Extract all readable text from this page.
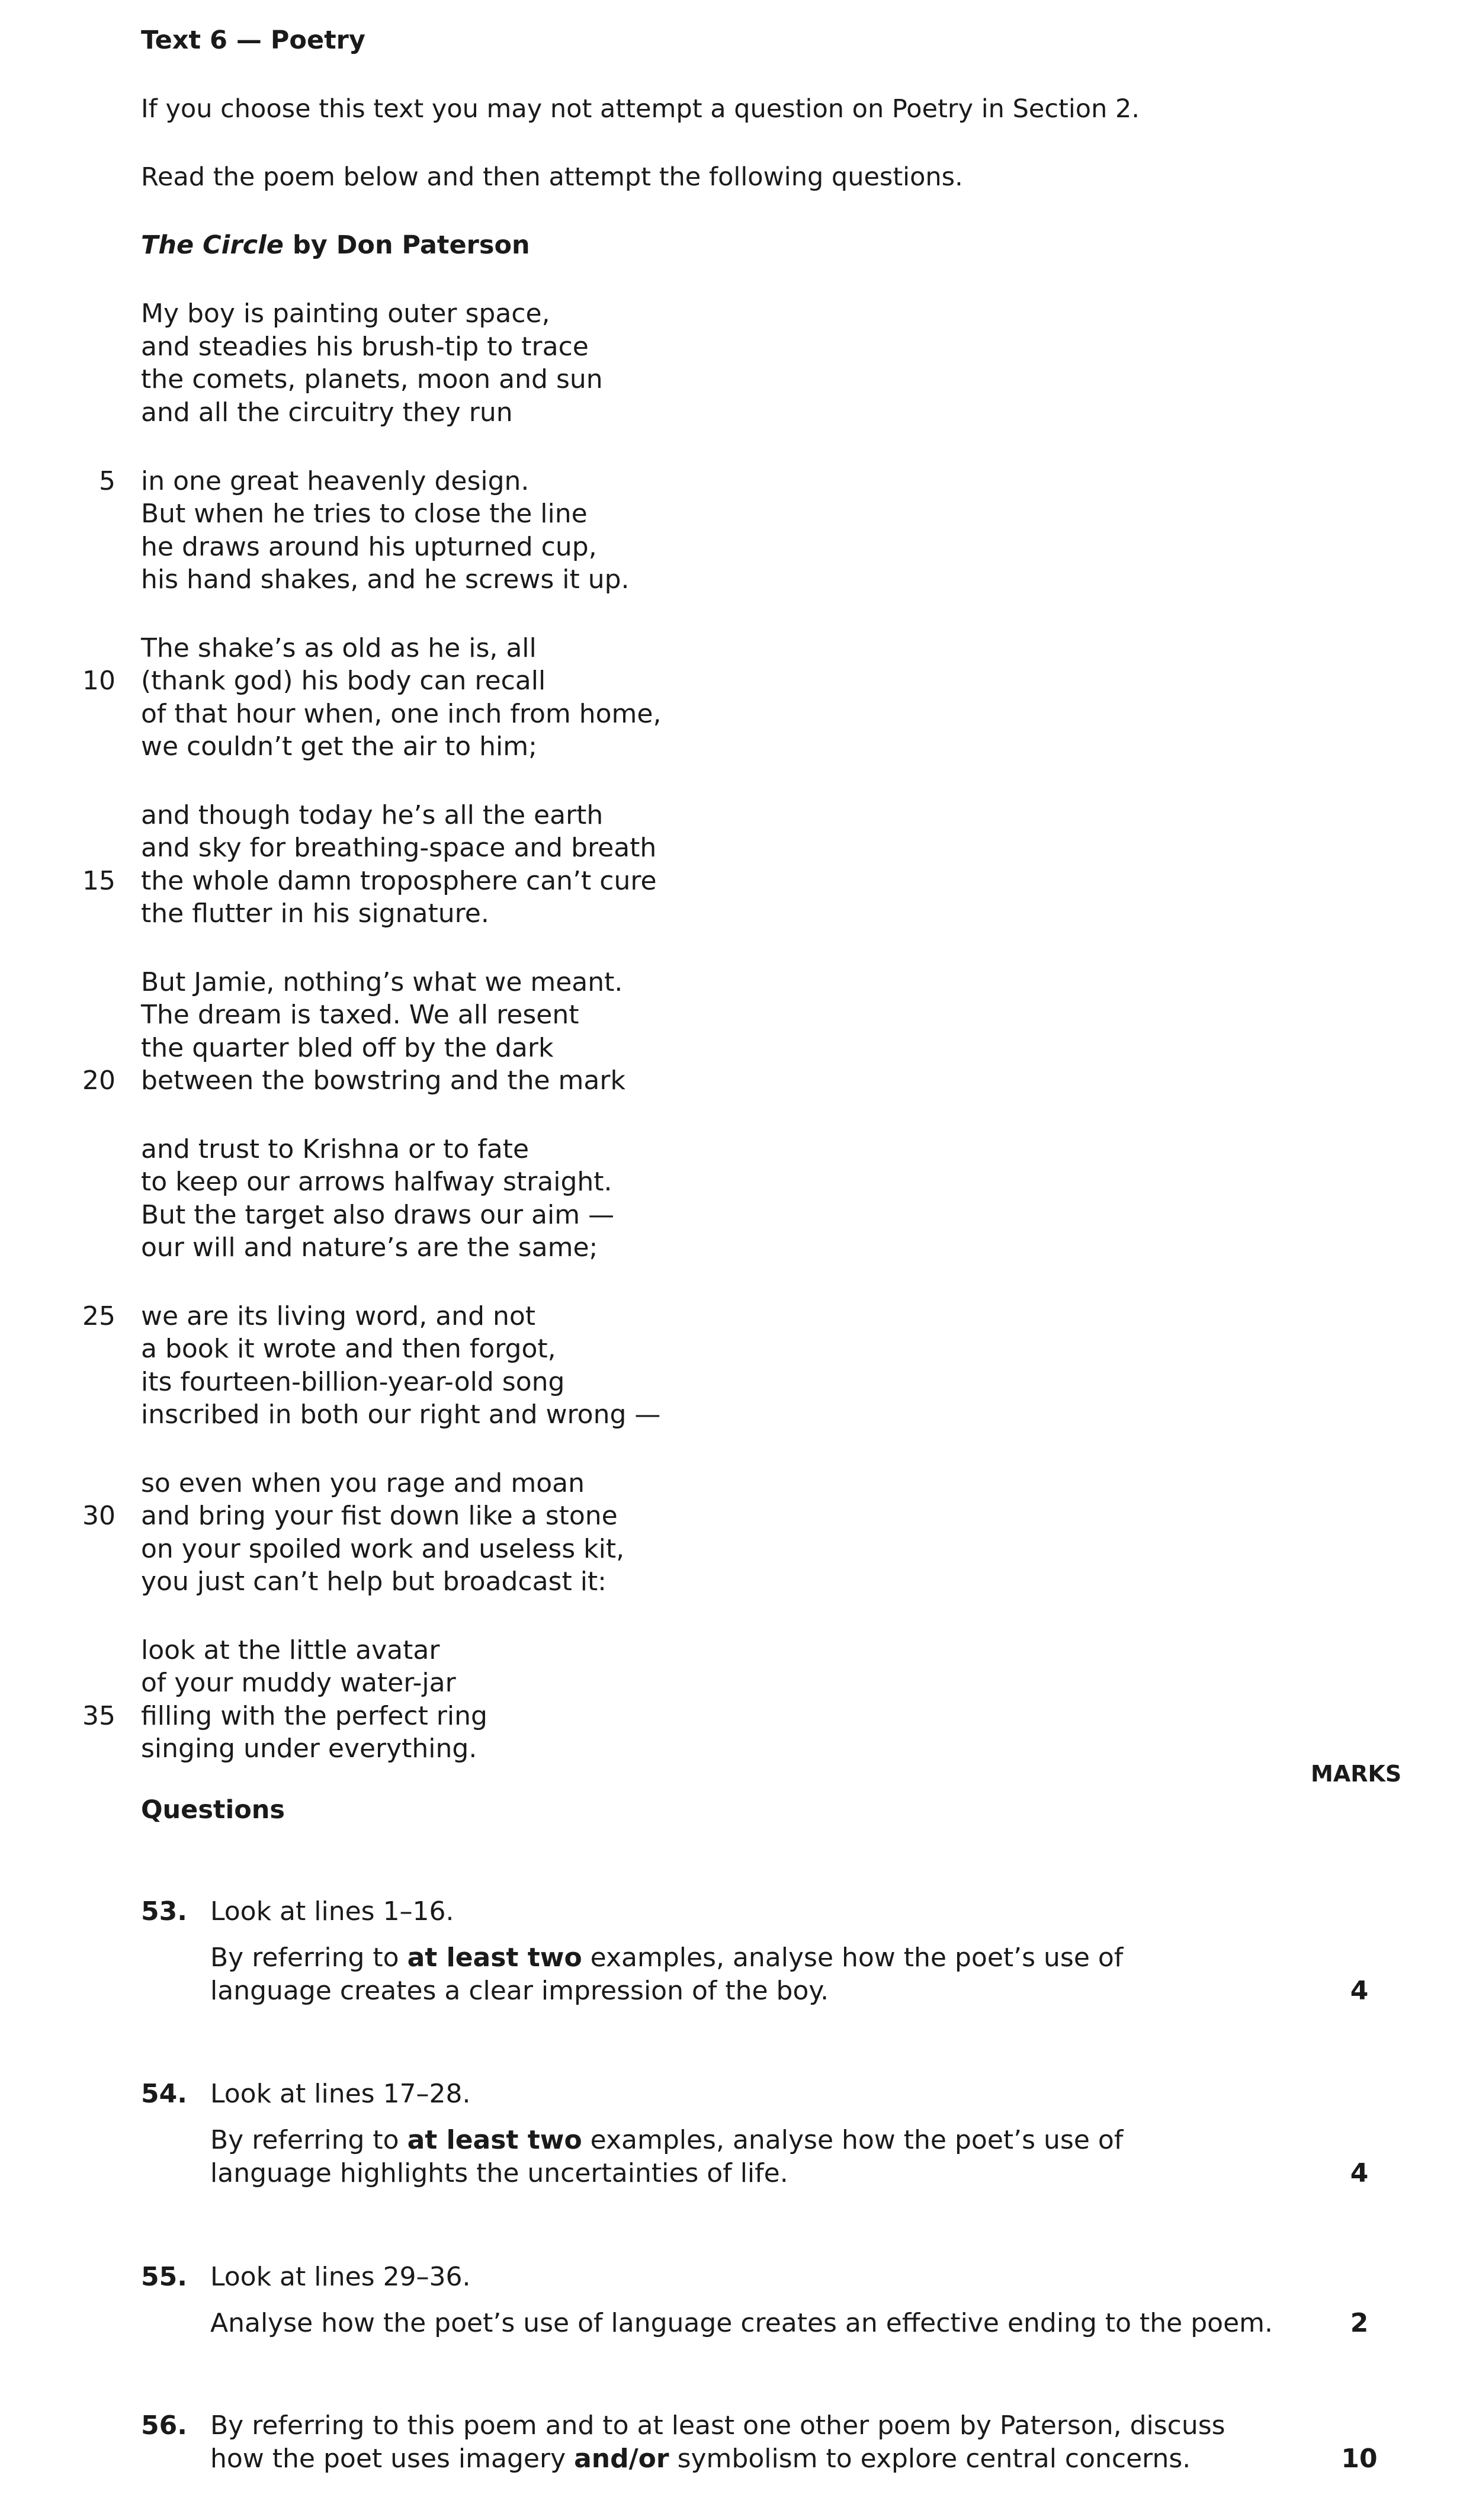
Text 6 — Poetry
If you choose this text you may not attempt a question on Poetry in Section 2.
Read the poem below and then attempt the following questions.
The Circle by Don Paterson
My boy is painting outer space,
and steadies his brush-tip to trace
the comets, planets, moon and sun
and all the circuitry they run
5 in one great heavenly design.
But when he tries to close the line
he draws around his upturned cup,
his hand shakes, and he screws it up.
The shake’s as old as he is, all
10 (thank god) his body can recall
of that hour when, one inch from home,
we couldn’t get the air to him;
and though today he’s all the earth
and sky for breathing-space and breath
15 the whole damn troposphere can’t cure
the flutter in his signature.
But Jamie, nothing’s what we meant.
The dream is taxed. We all resent
the quarter bled off by the dark
20 between the bowstring and the mark
and trust to Krishna or to fate
to keep our arrows halfway straight.
But the target also draws our aim —
our will and nature’s are the same;
25 we are its living word, and not
a book it wrote and then forgot,
its fourteen-billion-year-old song
inscribed in both our right and wrong —
so even when you rage and moan
30 and bring your fist down like a stone
on your spoiled work and useless kit,
you just can’t help but broadcast it:
look at the little avatar
of your muddy water-jar
35 filling with the perfect ring
singing under everything.
MARKS
Questions
53. Look at lines 1–16.
By referring to at least two examples, analyse how the poet’s use of language creates a clear impression of the boy.	4
54. Look at lines 17–28.
By referring to at least two examples, analyse how the poet’s use of language highlights the uncertainties of life.	4
55. Look at lines 29–36.
Analyse how the poet’s use of language creates an effective ending to the poem.	2
56. By referring to this poem and to at least one other poem by Paterson, discuss how the poet uses imagery and/or symbolism to explore central concerns.	10
